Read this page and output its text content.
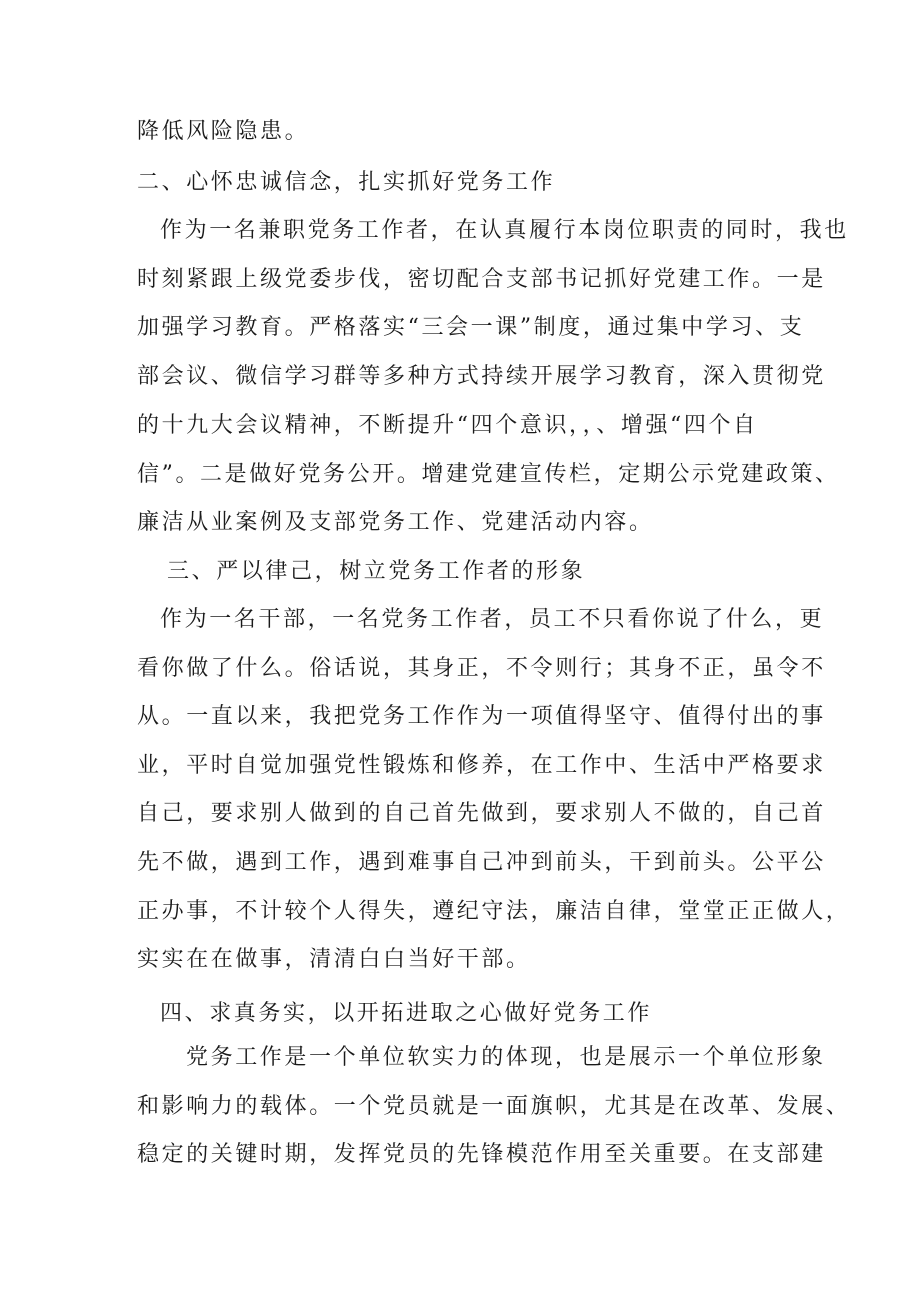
降低风险隐患。
二、心怀忠诚信念，扎实抓好党务工作
作为一名兼职党务工作者，在认真履行本岗位职责的同时，我也
时刻紧跟上级党委步伐，密切配合支部书记抓好党建工作。一是
加强学习教育。严格落实“三会一课”制度，通过集中学习、支
部会议、微信学习群等多种方式持续开展学习教育，深入贯彻党
的十九大会议精神，不断提升“四个意识，，、增强“四个自
信”。二是做好党务公开。增建党建宣传栏，定期公示党建政策、
廉洁从业案例及支部党务工作、党建活动内容。
三、严以律己，树立党务工作者的形象
作为一名干部，一名党务工作者，员工不只看你说了什么，更
看你做了什么。俗话说，其身正，不令则行；其身不正，虽令不
从。一直以来，我把党务工作作为一项值得坚守、值得付出的事
业，平时自觉加强党性锻炼和修养，在工作中、生活中严格要求
自己，要求别人做到的自己首先做到，要求别人不做的，自己首
先不做，遇到工作，遇到难事自己冲到前头，干到前头。公平公
正办事，不计较个人得失，遵纪守法，廉洁自律，堂堂正正做人，
实实在在做事，清清白白当好干部。
四、求真务实，以开拓进取之心做好党务工作
党务工作是一个单位软实力的体现，也是展示一个单位形象
和影响力的载体。一个党员就是一面旗帜，尤其是在改革、发展、
稳定的关键时期，发挥党员的先锋模范作用至关重要。在支部建
